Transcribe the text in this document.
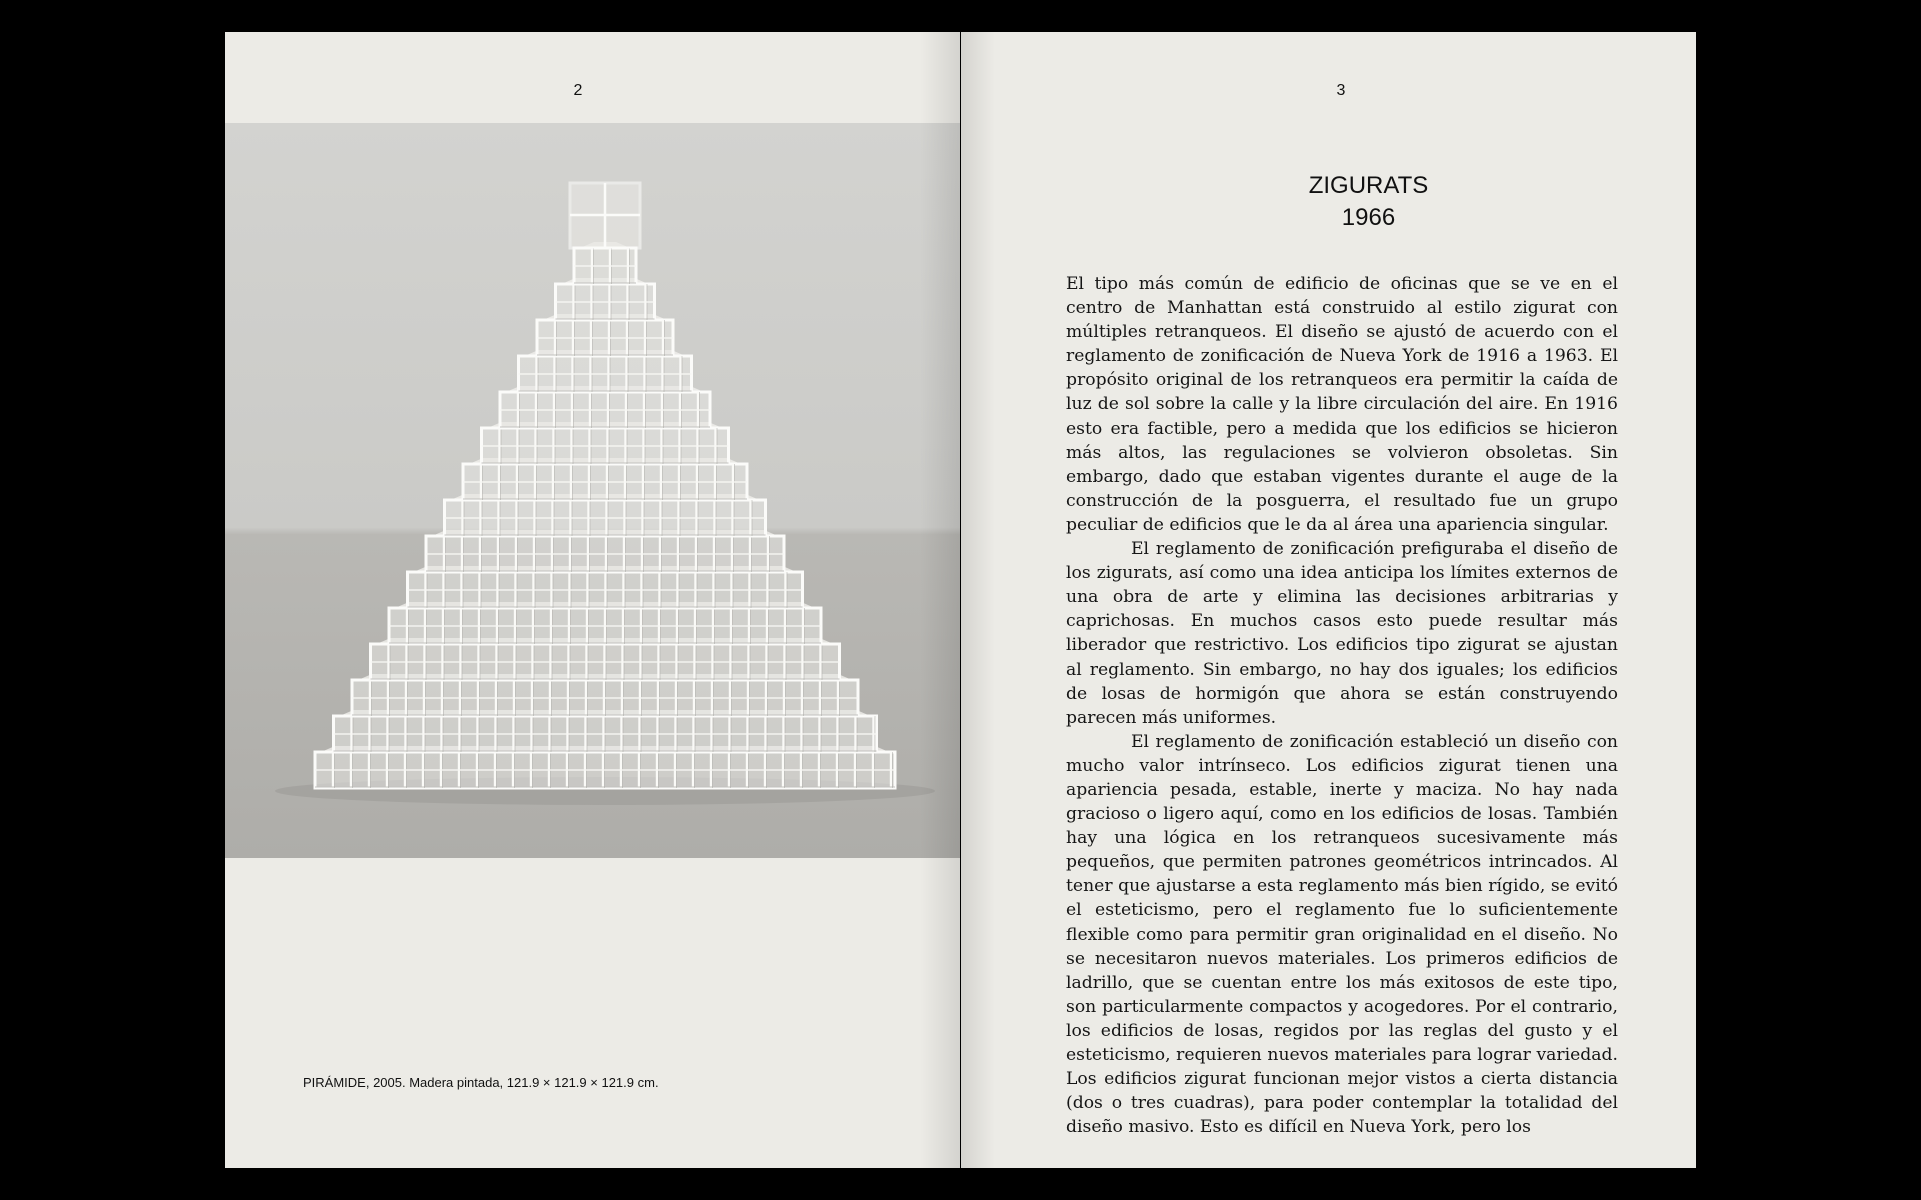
2
PIRÁMIDE, 2005. Madera pintada, 121.9 × 121.9 × 121.9 cm.
3
ZIGURATS
1966

El tipo más común de edificio de oficinas que se ve en el centro de Manhattan está construido al estilo zigurat con múltiples retranqueos. El diseño se ajustó de acuerdo con el reglamento de zonificación de Nueva York de 1916 a 1963. El propósito original de los retranqueos era permitir la caída de luz de sol sobre la calle y la libre circulación del aire. En 1916 esto era factible, pero a medida que los edificios se hicieron más altos, las regulaciones se volvieron obsoletas. Sin embargo, dado que estaban vigentes durante el auge de la construcción de la posguerra, el resultado fue un grupo peculiar de edificios que le da al área una apariencia singular.

El reglamento de zonificación prefiguraba el diseño de los zigurats, así como una idea anticipa los límites externos de una obra de arte y elimina las decisiones arbitrarias y caprichosas. En muchos casos esto puede resultar más liberador que restrictivo. Los edificios tipo zigurat se ajustan al reglamento. Sin embargo, no hay dos iguales; los edificios de losas de hormigón que ahora se están construyendo parecen más uniformes.

El reglamento de zonificación estableció un diseño con mucho valor intrínseco. Los edificios zigurat tienen una apariencia pesada, estable, inerte y maciza. No hay nada gracioso o ligero aquí, como en los edificios de losas. También hay una lógica en los retranqueos sucesivamente más pequeños, que permiten patrones geométricos intrincados. Al tener que ajustarse a esta reglamento más bien rígido, se evitó el esteticismo, pero el reglamento fue lo suficientemente flexible como para permitir gran originalidad en el diseño. No se necesitaron nuevos materiales. Los primeros edificios de ladrillo, que se cuentan entre los más exitosos de este tipo, son particularmente compactos y acogedores. Por el contrario, los edificios de losas, regidos por las reglas del gusto y el esteticismo, requieren nuevos materiales para lograr variedad. Los edificios zigurat funcionan mejor vistos a cierta distancia (dos o tres cuadras), para poder contemplar la totalidad del diseño masivo. Esto es difícil en Nueva York, pero los
